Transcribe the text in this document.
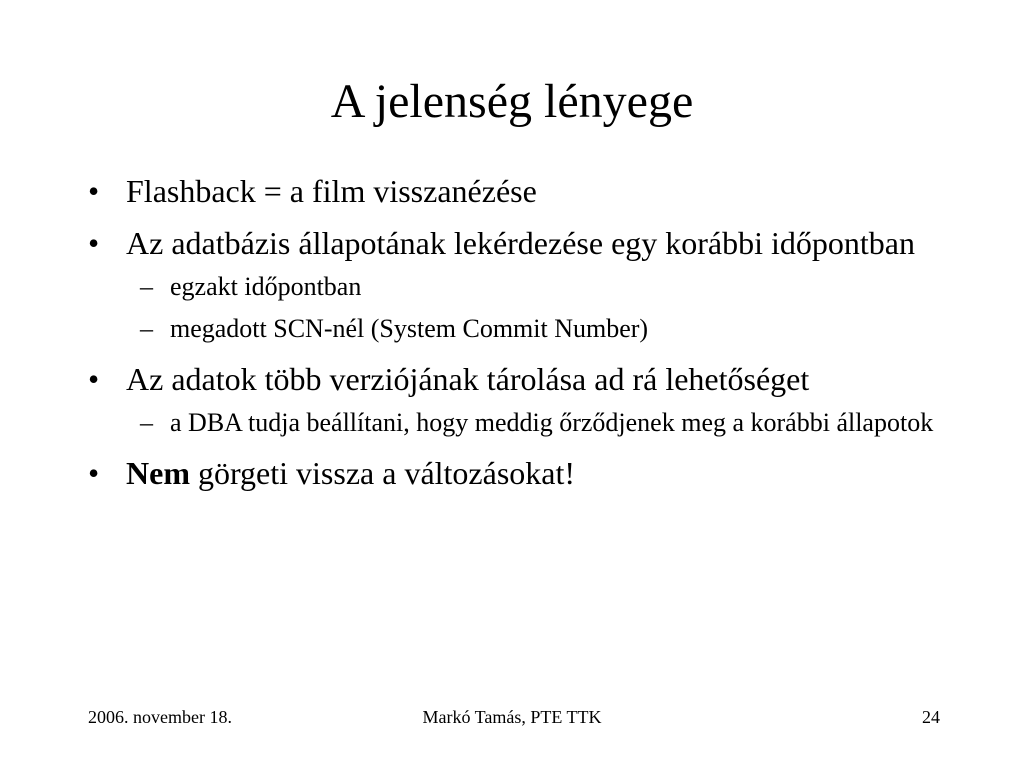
A jelenség lényege
• Flashback = a film visszanézése
• Az adatbázis állapotának lekérdezése egy korábbi időpontban
– egzakt időpontban
– megadott SCN-nél (System Commit Number)
• Az adatok több verziójának tárolása ad rá lehetőséget
– a DBA tudja beállítani, hogy meddig őrződjenek meg a korábbi állapotok
• Nem görgeti vissza a változásokat!
2006. november 18.	Markó Tamás, PTE TTK	24
